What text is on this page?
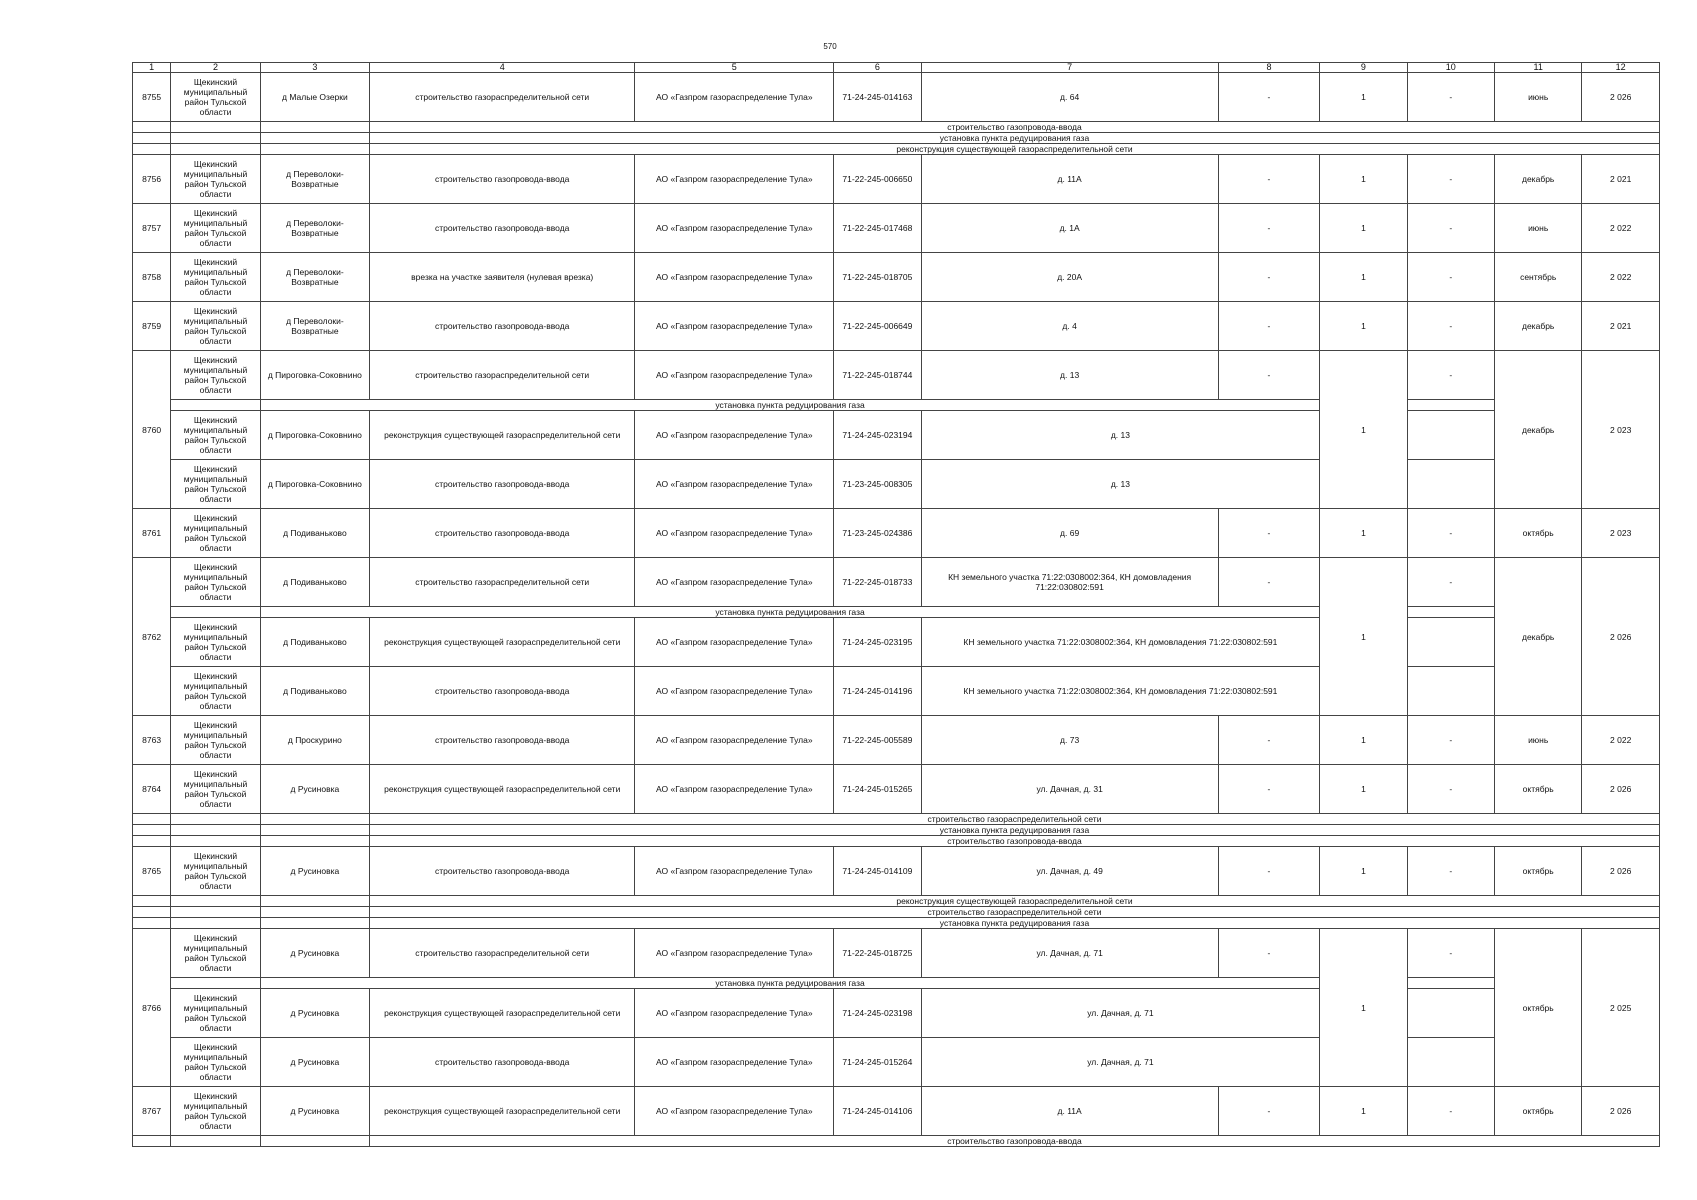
570
1	2	3	4	5	6	7	8	9	10	11	12
8755	Щекинский муниципальный район Тульской области	д Малые Озерки	строительство газораспределительной сети	АО «Газпром газораспределение Тула»	71-24-245-014163	д. 64	-	1	-	июнь	2 026
			строительство газопровода-ввода								
			установка пункта редуцирования газа								
			реконструкция существующей газораспределительной сети								
8756	Щекинский муниципальный район Тульской области	д Переволоки-Возвратные	строительство газопровода-ввода	АО «Газпром газораспределение Тула»	71-22-245-006650	д. 11А	-	1	-	декабрь	2 021
8757	Щекинский муниципальный район Тульской области	д Переволоки-Возвратные	строительство газопровода-ввода	АО «Газпром газораспределение Тула»	71-22-245-017468	д. 1А	-	1	-	июнь	2 022
8758	Щекинский муниципальный район Тульской области	д Переволоки-Возвратные	врезка на участке заявителя (нулевая врезка)	АО «Газпром газораспределение Тула»	71-22-245-018705	д. 20А	-	1	-	сентябрь	2 022
8759	Щекинский муниципальный район Тульской области	д Переволоки-Возвратные	строительство газопровода-ввода	АО «Газпром газораспределение Тула»	71-22-245-006649	д. 4	-	1	-	декабрь	2 021
8760	Щекинский муниципальный район Тульской области	д Пироговка-Соковнино	строительство газораспределительной сети	АО «Газпром газораспределение Тула»	71-22-245-018744	д. 13	-	1	-	декабрь	2 023
		установка пункта редуцирования газа									
	Щекинский муниципальный район Тульской области	д Пироговка-Соковнино	реконструкция существующей газораспределительной сети	АО «Газпром газораспределение Тула»	71-24-245-023194	д. 13					
	Щекинский муниципальный район Тульской области	д Пироговка-Соковнино	строительство газопровода-ввода	АО «Газпром газораспределение Тула»	71-23-245-008305	д. 13					
8761	Щекинский муниципальный район Тульской области	д Подиваньково	строительство газопровода-ввода	АО «Газпром газораспределение Тула»	71-23-245-024386	д. 69	-	1	-	октябрь	2 023
8762	Щекинский муниципальный район Тульской области	д Подиваньково	строительство газораспределительной сети	АО «Газпром газораспределение Тула»	71-22-245-018733	КН земельного участка 71:22:0308002:364, КН домовладения 71:22:030802:591	-	1	-	декабрь	2 026
		установка пункта редуцирования газа									
	Щекинский муниципальный район Тульской области	д Подиваньково	реконструкция существующей газораспределительной сети	АО «Газпром газораспределение Тула»	71-24-245-023195	КН земельного участка 71:22:0308002:364, КН домовладения 71:22:030802:591					
	Щекинский муниципальный район Тульской области	д Подиваньково	строительство газопровода-ввода	АО «Газпром газораспределение Тула»	71-24-245-014196	КН земельного участка 71:22:0308002:364, КН домовладения 71:22:030802:591					
8763	Щекинский муниципальный район Тульской области	д Проскурино	строительство газопровода-ввода	АО «Газпром газораспределение Тула»	71-22-245-005589	д. 73	-	1	-	июнь	2 022
8764	Щекинский муниципальный район Тульской области	д Русиновка	реконструкция существующей газораспределительной сети	АО «Газпром газораспределение Тула»	71-24-245-015265	ул. Дачная, д. 31	-	1	-	октябрь	2 026
			строительство газораспределительной сети								
			установка пункта редуцирования газа								
			строительство газопровода-ввода								
8765	Щекинский муниципальный район Тульской области	д Русиновка	строительство газопровода-ввода	АО «Газпром газораспределение Тула»	71-24-245-014109	ул. Дачная, д. 49	-	1	-	октябрь	2 026
			реконструкция существующей газораспределительной сети								
			строительство газораспределительной сети								
			установка пункта редуцирования газа								
8766	Щекинский муниципальный район Тульской области	д Русиновка	строительство газораспределительной сети	АО «Газпром газораспределение Тула»	71-22-245-018725	ул. Дачная, д. 71	-	1	-	октябрь	2 025
		установка пункта редуцирования газа									
	Щекинский муниципальный район Тульской области	д Русиновка	реконструкция существующей газораспределительной сети	АО «Газпром газораспределение Тула»	71-24-245-023198	ул. Дачная, д. 71					
	Щекинский муниципальный район Тульской области	д Русиновка	строительство газопровода-ввода	АО «Газпром газораспределение Тула»	71-24-245-015264	ул. Дачная, д. 71					
8767	Щекинский муниципальный район Тульской области	д Русиновка	реконструкция существующей газораспределительной сети	АО «Газпром газораспределение Тула»	71-24-245-014106	д. 11А	-	1	-	октябрь	2 026
			строительство газопровода-ввода								
